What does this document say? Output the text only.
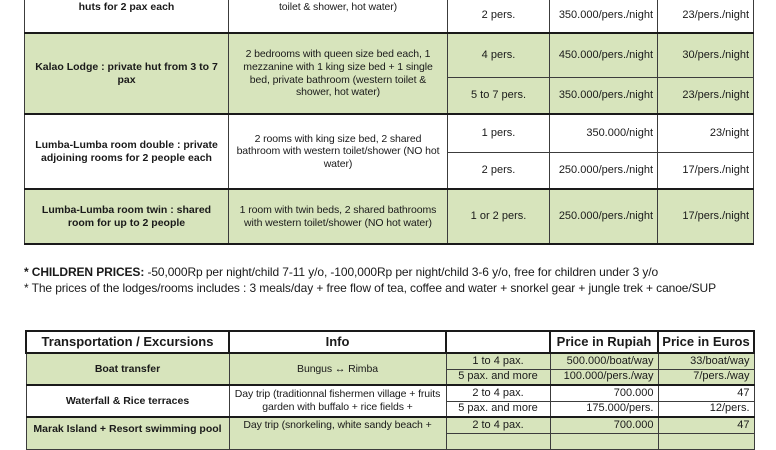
huts for 2 pax each	toilet & shower, hot water)	2 pers.	350.000/pers./night	23/pers./night
Kalao Lodge : private hut from 3 to 7 pax	2 bedrooms with queen size bed each, 1 mezzanine with 1 king size bed + 1 single bed, private bathroom (western toilet & shower, hot water)	4 pers.	450.000/pers./night	30/pers./night
		5 to 7 pers.	350.000/pers./night	23/pers./night
Lumba-Lumba room double : private adjoining rooms for 2 people each	2 rooms with king size bed, 2 shared bathroom with western toilet/shower (NO hot water)	1 pers.	350.000/night	23/night
		2 pers.	250.000/pers./night	17/pers./night
Lumba-Lumba room twin : shared room for up to 2 people	1 room with twin beds, 2 shared bathrooms with western toilet/shower (NO hot water)	1 or 2 pers.	250.000/pers./night	17/pers./night
* CHILDREN PRICES: -50,000Rp per night/child 7-11 y/o, -100,000Rp per night/child 3-6 y/o, free for children under 3 y/o
* The prices of the lodges/rooms includes : 3 meals/day + free flow of tea, coffee and water + snorkel gear + jungle trek + canoe/SUP
Transportation / Excursions	Info		Price in Rupiah	Price in Euros
Boat transfer	Bungus ↔ Rimba	1 to 4 pax.	500.000/boat/way	33/boat/way
		5 pax. and more	100.000/pers./way	7/pers./way
Waterfall & Rice terraces	Day trip (traditionnal fishermen village + fruits garden with buffalo + rice fields +	2 to 4 pax.	700.000	47
		5 pax. and more	175.000/pers.	12/pers.
Marak Island + Resort swimming pool	Day trip (snorkeling, white sandy beach +	2 to 4 pax.	700.000	47
